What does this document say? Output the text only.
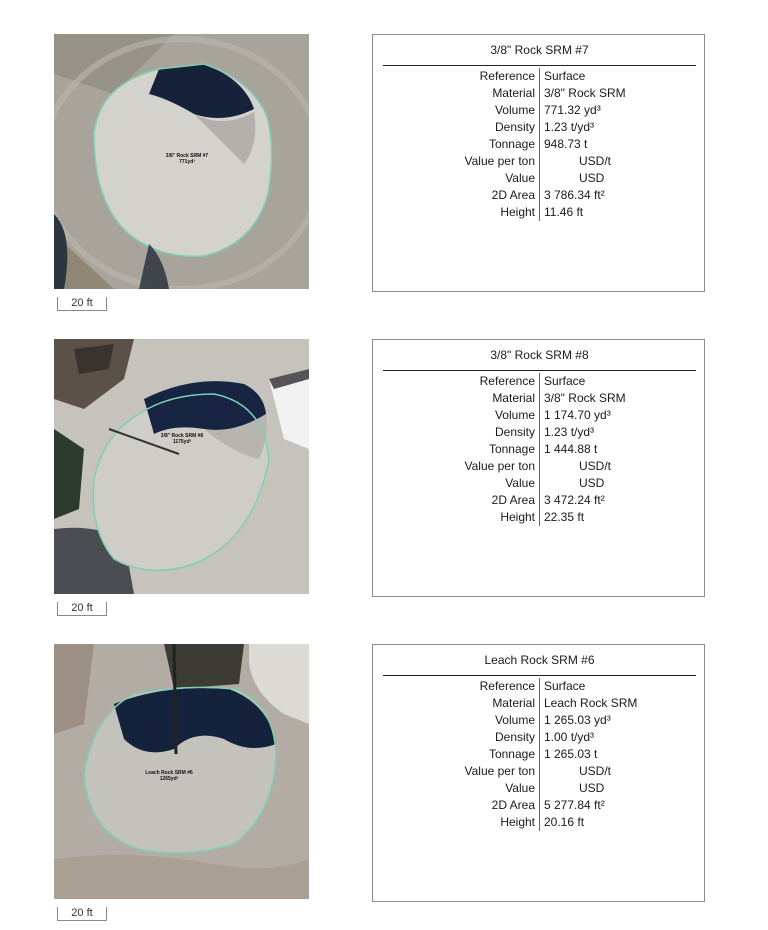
3/8" Rock SRM #7
771yd³
20 ft
3/8" Rock SRM #7
Reference Surface
Material 3/8" Rock SRM
Volume 771.32 yd³
Density 1.23 t/yd³
Tonnage 948.73 t
Value per ton	USD/t
Value	USD
2D Area 3 786.34 ft²
Height 11.46 ft
3/8" Rock SRM #8
1175yd³
20 ft
3/8" Rock SRM #8
Reference Surface
Material 3/8" Rock SRM
Volume 1 174.70 yd³
Density 1.23 t/yd³
Tonnage 1 444.88 t
Value per ton	USD/t
Value	USD
2D Area 3 472.24 ft²
Height 22.35 ft
Leach Rock SRM #6
1265yd³
20 ft
Leach Rock SRM #6
Reference Surface
Material Leach Rock SRM
Volume 1 265.03 yd³
Density 1.00 t/yd³
Tonnage 1 265.03 t
Value per ton	USD/t
Value	USD
2D Area 5 277.84 ft²
Height 20.16 ft
